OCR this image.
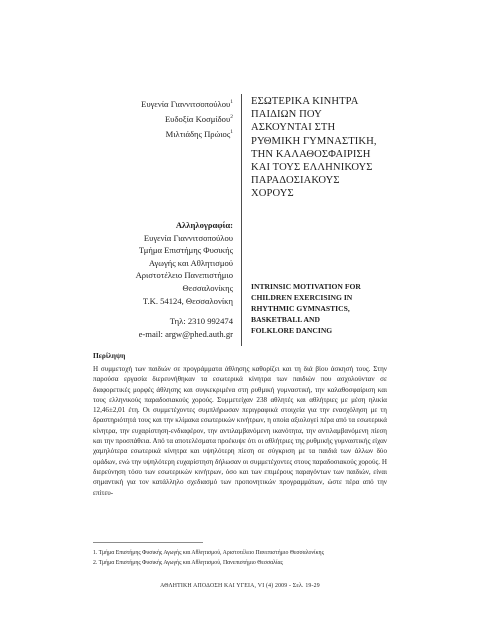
Ευγενία Γιαννιτσοπούλου$^1$
Ευδοξία Κοσμίδου$^2$
Μιλτιάδης Πρώιος$^1$
ΕΣΩΤΕΡΙΚΑ ΚΙΝΗΤΡΑ
ΠΑΙΔΙΩΝ ΠΟΥ
ΑΣΚΟΥΝΤΑΙ ΣΤΗ
ΡΥΘΜΙΚΗ ΓΥΜΝΑΣΤΙΚΗ,
ΤΗΝ ΚΑΛΑΘΟΣΦΑΙΡΙΣΗ
ΚΑΙ ΤΟΥΣ ΕΛΛΗΝΙΚΟΥΣ
ΠΑΡΑΔΟΣΙΑΚΟΥΣ
ΧΟΡΟΥΣ
Αλληλογραφία:
Ευγενία Γιαννιτσοπούλου
Τμήμα Επιστήμης Φυσικής
Αγωγής και Αθλητισμού
Αριστοτέλειο Πανεπιστήμιο
Θεσσαλονίκης
Τ.Κ. 54124, Θεσσαλονίκη
Τηλ: 2310 992474
e-mail: argw@phed.auth.gr
INTRINSIC MOTIVATION FOR
CHILDREN EXERCISING IN
RHYTHMIC GYMNASTICS,
BASKETBALL AND
FOLKLORE DANCING
Περίληψη

Η συμμετοχή των παιδιών σε προγράμματα άθλησης καθορίζει και τη διά βίου άσκησή τους. Στην παρούσα εργασία διερευνήθηκαν τα εσωτερικά κίνητρα των παιδιών που ασχολούνταν σε διαφορετικές μορφές άθλησης και συγκεκριμένα στη ρυθμική γυμναστική, την καλαθοσφαίριση και τους ελληνικούς παραδοσιακούς χορούς. Συμμετείχαν 238 αθλητές και αθλήτριες με μέση ηλικία 12,46±2,01 έτη. Οι συμμετέχοντες συμπλήρωσαν περιγραφικά στοιχεία για την ενασχόληση με τη δραστηριότητά τους και την κλίμακα εσωτερικών κινήτρων, η οποία αξιολογεί πέρα από τα εσωτερικά κίνητρα, την ευχαρίστηση-ενδιαφέρον, την αντιλαμβανόμενη ικανότητα, την αντιλαμβανόμενη πίεση και την προσπάθεια. Από τα αποτελέσματα προέκυψε ότι οι αθλήτριες της ρυθμικής γυμναστικής είχαν χαμηλότερα εσωτερικά κίνητρα και υψηλότερη πίεση σε σύγκριση με τα παιδιά των άλλων δύο ομάδων, ενώ την υψηλότερη ευχαρίστηση δήλωσαν οι συμμετέχοντες στους παραδοσιακούς χορούς. Η διερεύνηση τόσο των εσωτερικών κινήτρων, όσο και των επιμέρους παραγόντων των παιδιών, είναι σημαντική για τον κατάλληλο σχεδιασμό των προπονητικών προγραμμάτων, ώστε πέρα από την επίτευ-

1. Τμήμα Επιστήμης Φυσικής Αγωγής και Αθλητισμού, Αριστοτέλειο Πανεπιστήμιο Θεσσαλονίκης
2. Τμήμα Επιστήμης Φυσικής Αγωγής και Αθλητισμού, Πανεπιστήμιο Θεσσαλίας
ΑΘΛΗΤΙΚΗ ΑΠΟΔΟΣΗ ΚΑΙ ΥΓΕΙΑ, VI (4) 2009 - Σελ. 19-29
